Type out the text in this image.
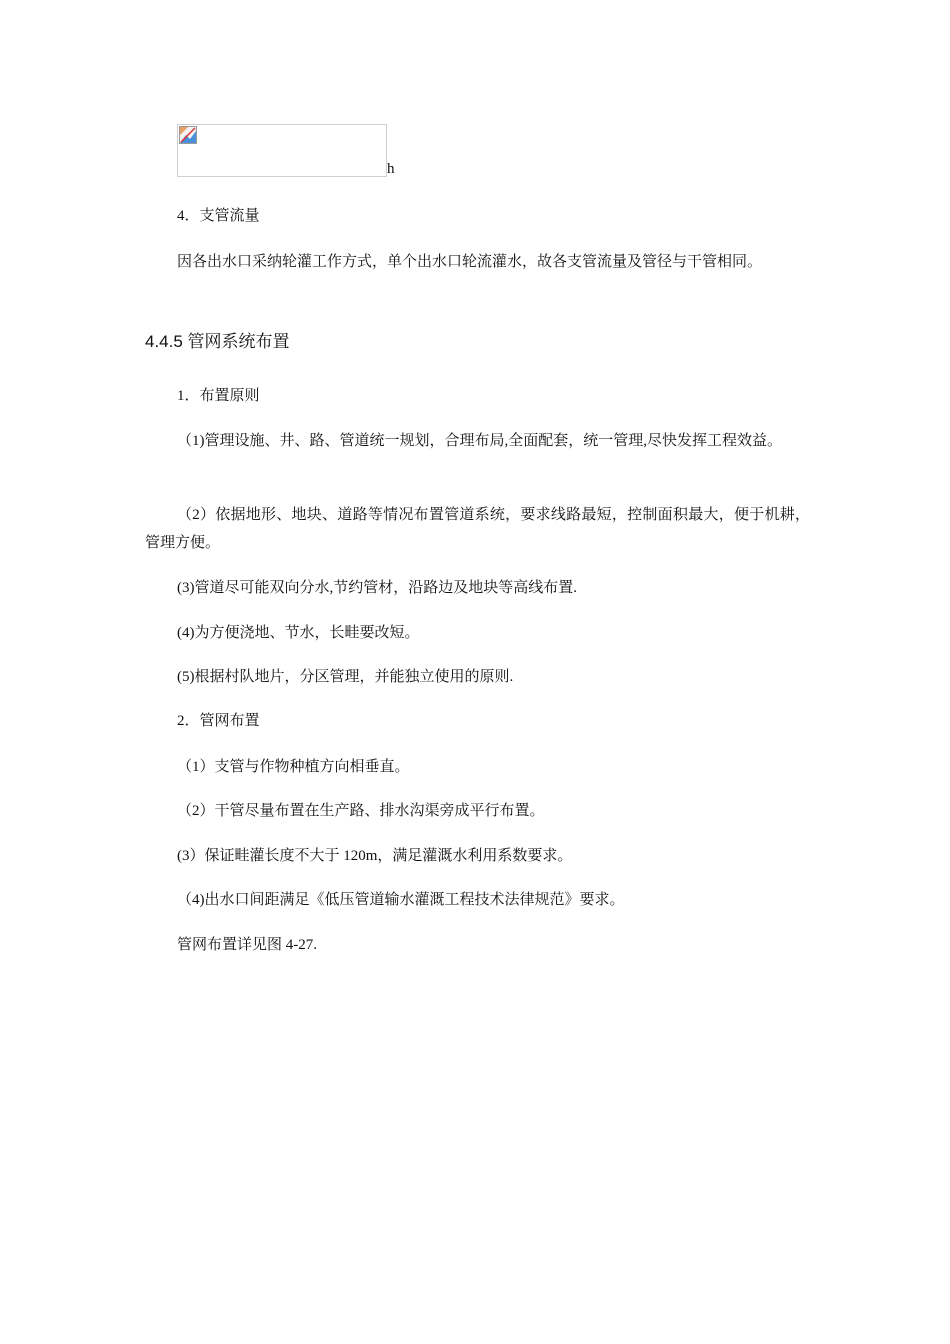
h

4．支管流量

因各出水口采纳轮灌工作方式，单个出水口轮流灌水，故各支管流量及管径与干管相同。

4.4.5 管网系统布置

1．布置原则

（1)管理设施、井、路、管道统一规划，合理布局,全面配套，统一管理,尽快发挥工程效益。

（2）依据地形、地块、道路等情况布置管道系统，要求线路最短，控制面积最大，便于机耕，管理方便。

(3)管道尽可能双向分水,节约管材，沿路边及地块等高线布置.

(4)为方便浇地、节水，长畦要改短。

(5)根据村队地片，分区管理，并能独立使用的原则.

2．管网布置

（1）支管与作物种植方向相垂直。

（2）干管尽量布置在生产路、排水沟渠旁成平行布置。

(3）保证畦灌长度不大于 120m，满足灌溉水利用系数要求。

（4)出水口间距满足《低压管道输水灌溉工程技术法律规范》要求。

管网布置详见图 4-27.
